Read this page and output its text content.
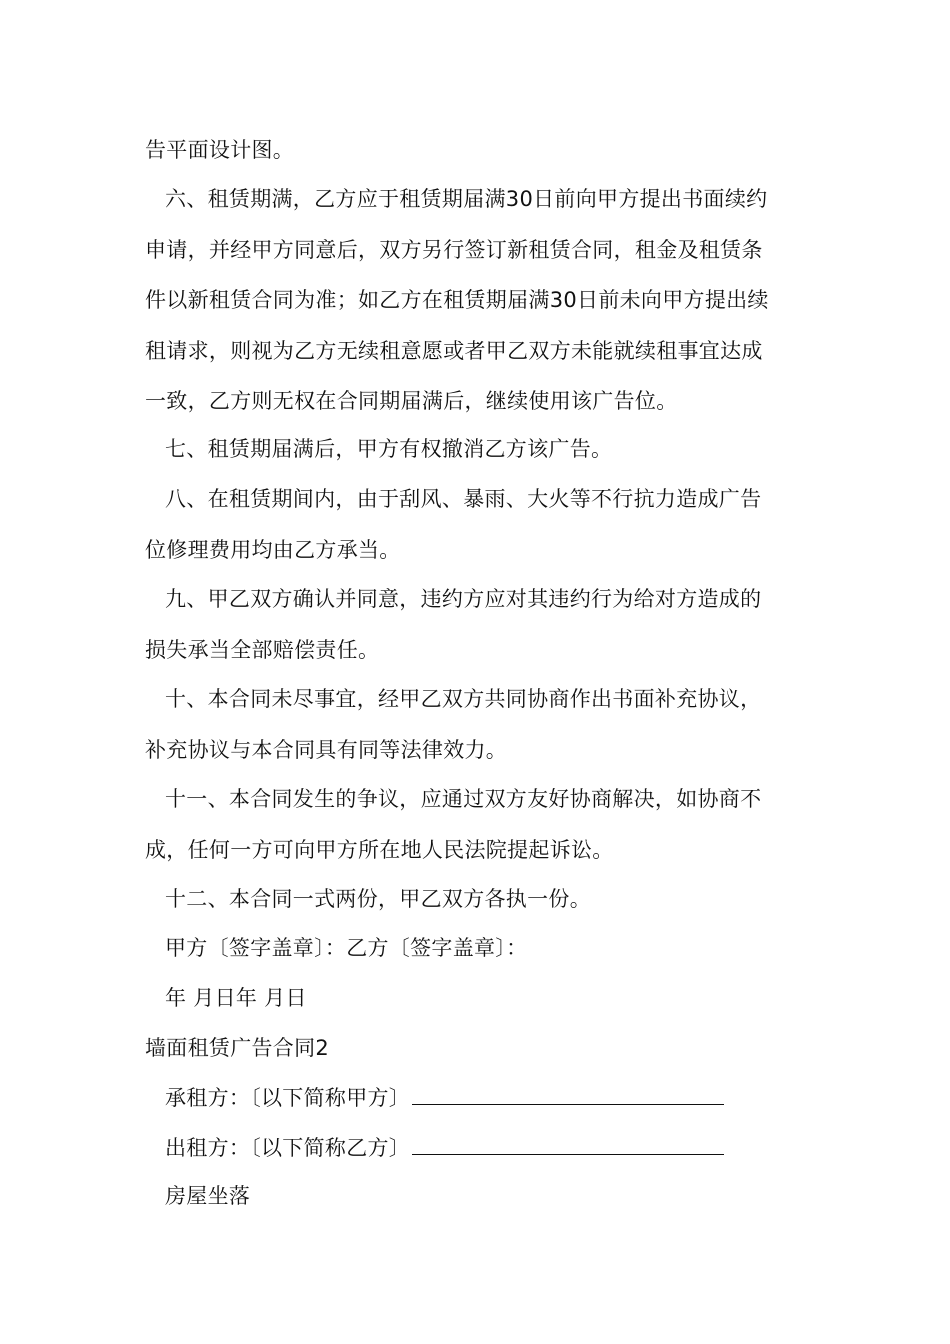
告平面设计图。
六、租赁期满，乙方应于租赁期届满30日前向甲方提出书面续约
申请，并经甲方同意后，双方另行签订新租赁合同，租金及租赁条
件以新租赁合同为准；如乙方在租赁期届满30日前未向甲方提出续
租请求，则视为乙方无续租意愿或者甲乙双方未能就续租事宜达成
一致，乙方则无权在合同期届满后，继续使用该广告位。
七、租赁期届满后，甲方有权撤消乙方该广告。
八、在租赁期间内，由于刮风、暴雨、大火等不行抗力造成广告
位修理费用均由乙方承当。
九、甲乙双方确认并同意，违约方应对其违约行为给对方造成的
损失承当全部赔偿责任。
十、本合同未尽事宜，经甲乙双方共同协商作出书面补充协议，
补充协议与本合同具有同等法律效力。
十一、本合同发生的争议，应通过双方友好协商解决，如协商不
成，任何一方可向甲方所在地人民法院提起诉讼。
十二、本合同一式两份，甲乙双方各执一份。
甲方〔签字盖章〕：乙方〔签字盖章〕：
年 月日年 月日
墙面租赁广告合同2
承租方：〔以下简称甲方〕
出租方：〔以下简称乙方〕
房屋坐落
